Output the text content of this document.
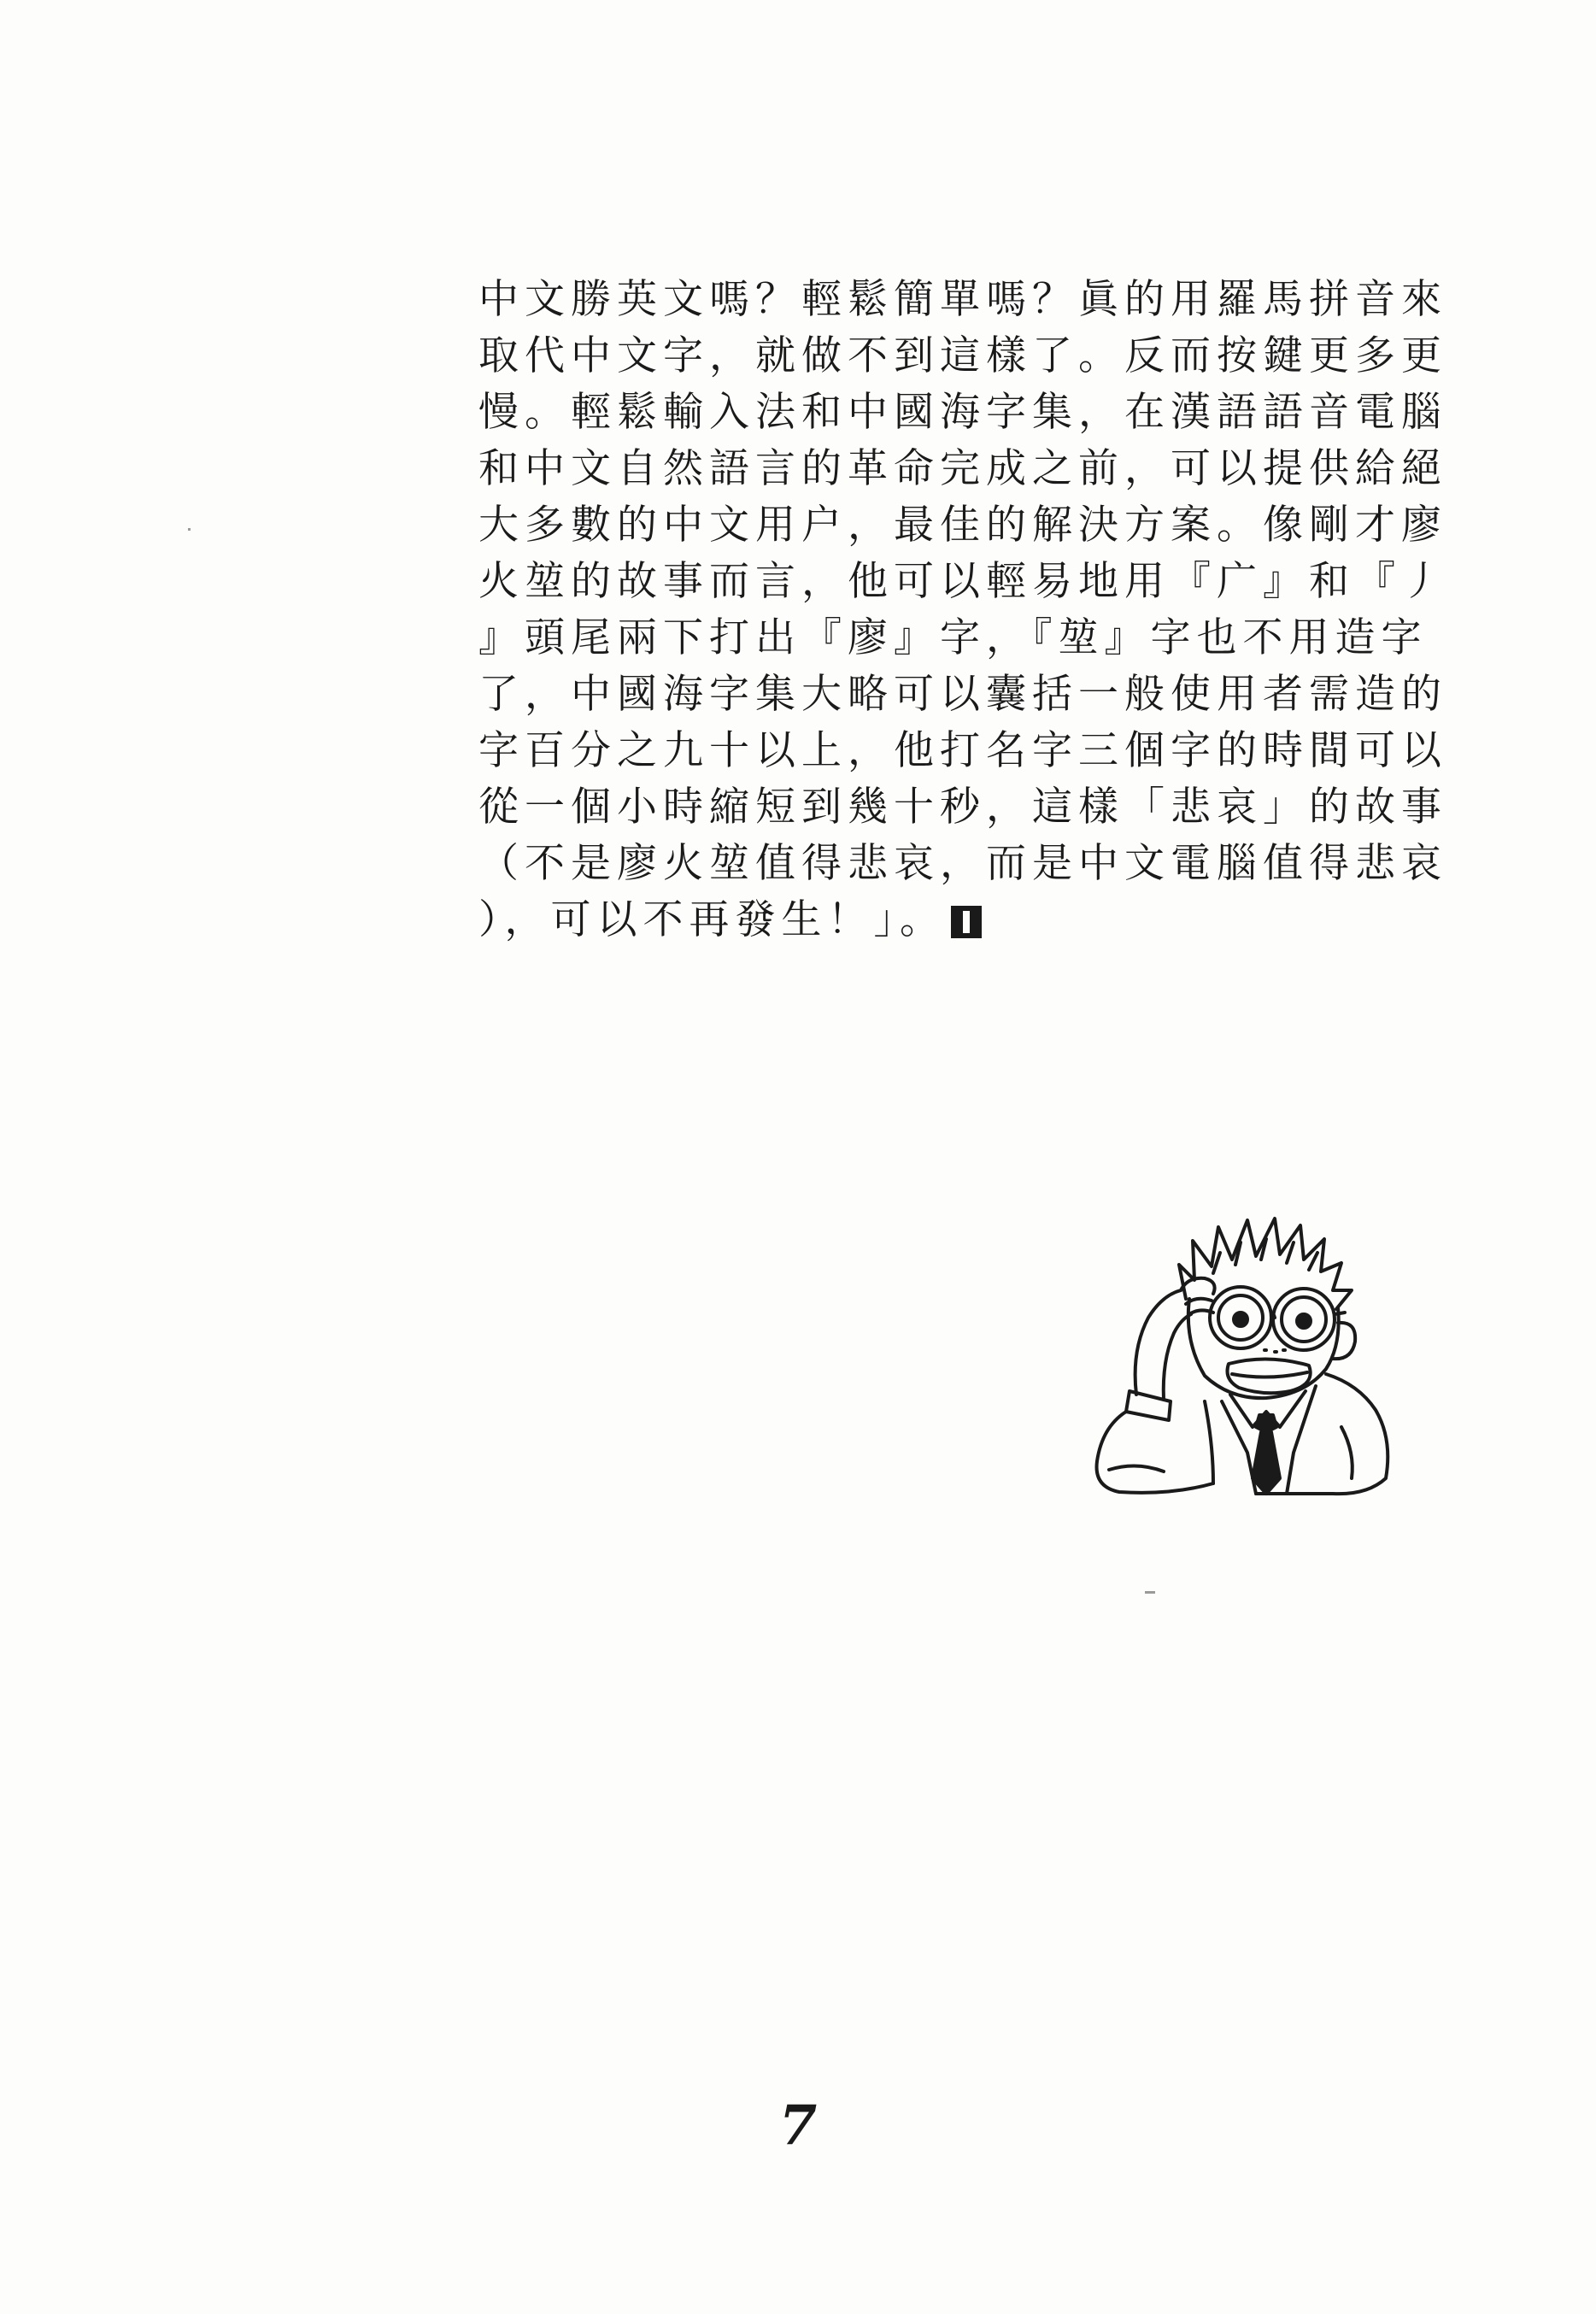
中文勝英文嗎？輕鬆簡單嗎？眞的用羅馬拼音來
取代中文字，就做不到這樣了。反而按鍵更多更
慢。輕鬆輸入法和中國海字集，在漢語語音電腦
和中文自然語言的革命完成之前，可以提供給絕
大多數的中文用户，最佳的解決方案。像剛才廖
火堃的故事而言，他可以輕易地用『广』和『丿
』頭尾兩下打出『廖』字，『堃』字也不用造字
了，中國海字集大略可以囊括一般使用者需造的
字百分之九十以上，他打名字三個字的時間可以
從一個小時縮短到幾十秒，這樣「悲哀」的故事
（不是廖火堃值得悲哀，而是中文電腦值得悲哀
），可以不再發生！」。
7
